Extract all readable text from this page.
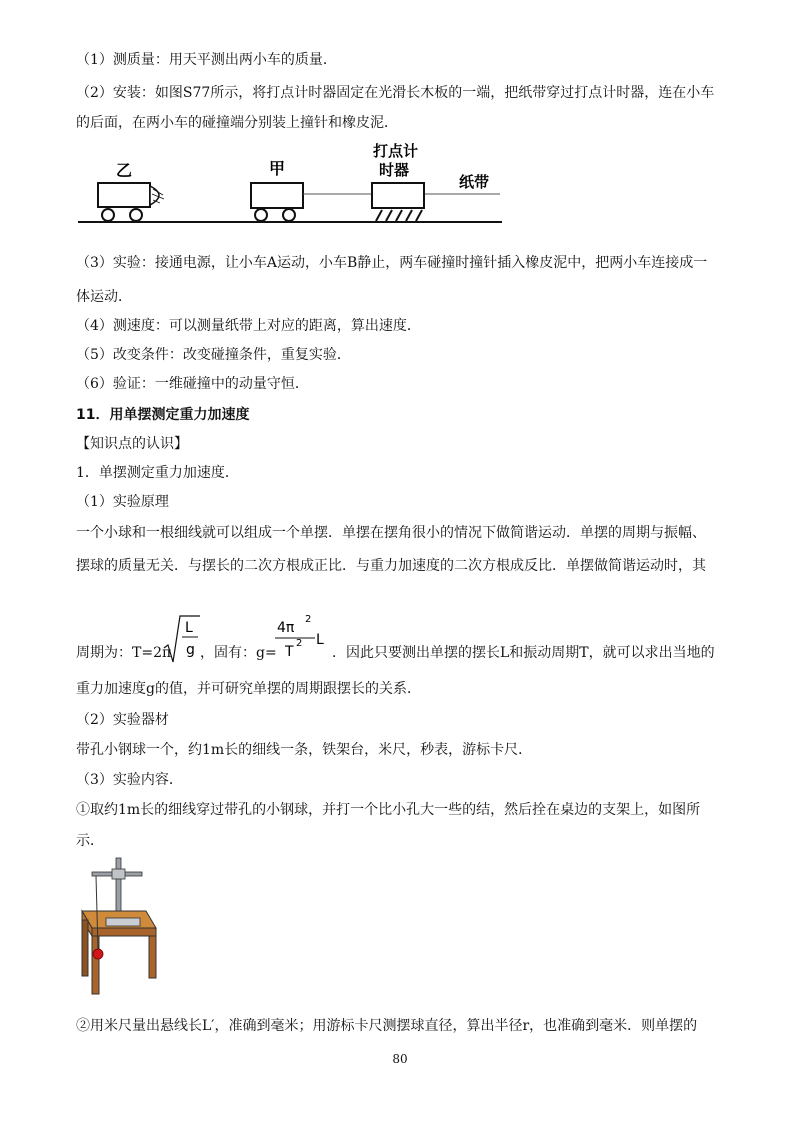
（1）测质量：用天平测出两小车的质量．
（2）安装：如图S77所示，将打点计时器固定在光滑长木板的一端，把纸带穿过打点计时器，连在小车
的后面，在两小车的碰撞端分别装上撞针和橡皮泥．
乙	甲
打点计
时器
纸带
（3）实验：接通电源，让小车A运动，小车B静止，两车碰撞时撞针插入橡皮泥中，把两小车连接成一
体运动．
（4）测速度：可以测量纸带上对应的距离，算出速度．
（5）改变条件：改变碰撞条件，重复实验．
（6）验证：一维碰撞中的动量守恒．
11．用单摆测定重力加速度
【知识点的认识】
1．单摆测定重力加速度．
（1）实验原理
一个小球和一根细线就可以组成一个单摆．单摆在摆角很小的情况下做简谐运动．单摆的周期与振幅、
摆球的质量无关．与摆长的二次方根成正比．与重力加速度的二次方根成反比．单摆做简谐运动时，其
周期为：T=2π
L
g ，固有：g=
4π
2
T
2 L
．因此只要测出单摆的摆长L和振动周期T，就可以求出当地的
重力加速度g的值，并可研究单摆的周期跟摆长的关系．
（2）实验器材
带孔小钢球一个，约1m长的细线一条，铁架台，米尺，秒表，游标卡尺．
（3）实验内容．
①取约1m长的细线穿过带孔的小钢球，并打一个比小孔大一些的结，然后拴在桌边的支架上，如图所
示．
②用米尺量出悬线长L′，准确到毫米；用游标卡尺测摆球直径，算出半径r，也准确到毫米．则单摆的
80
